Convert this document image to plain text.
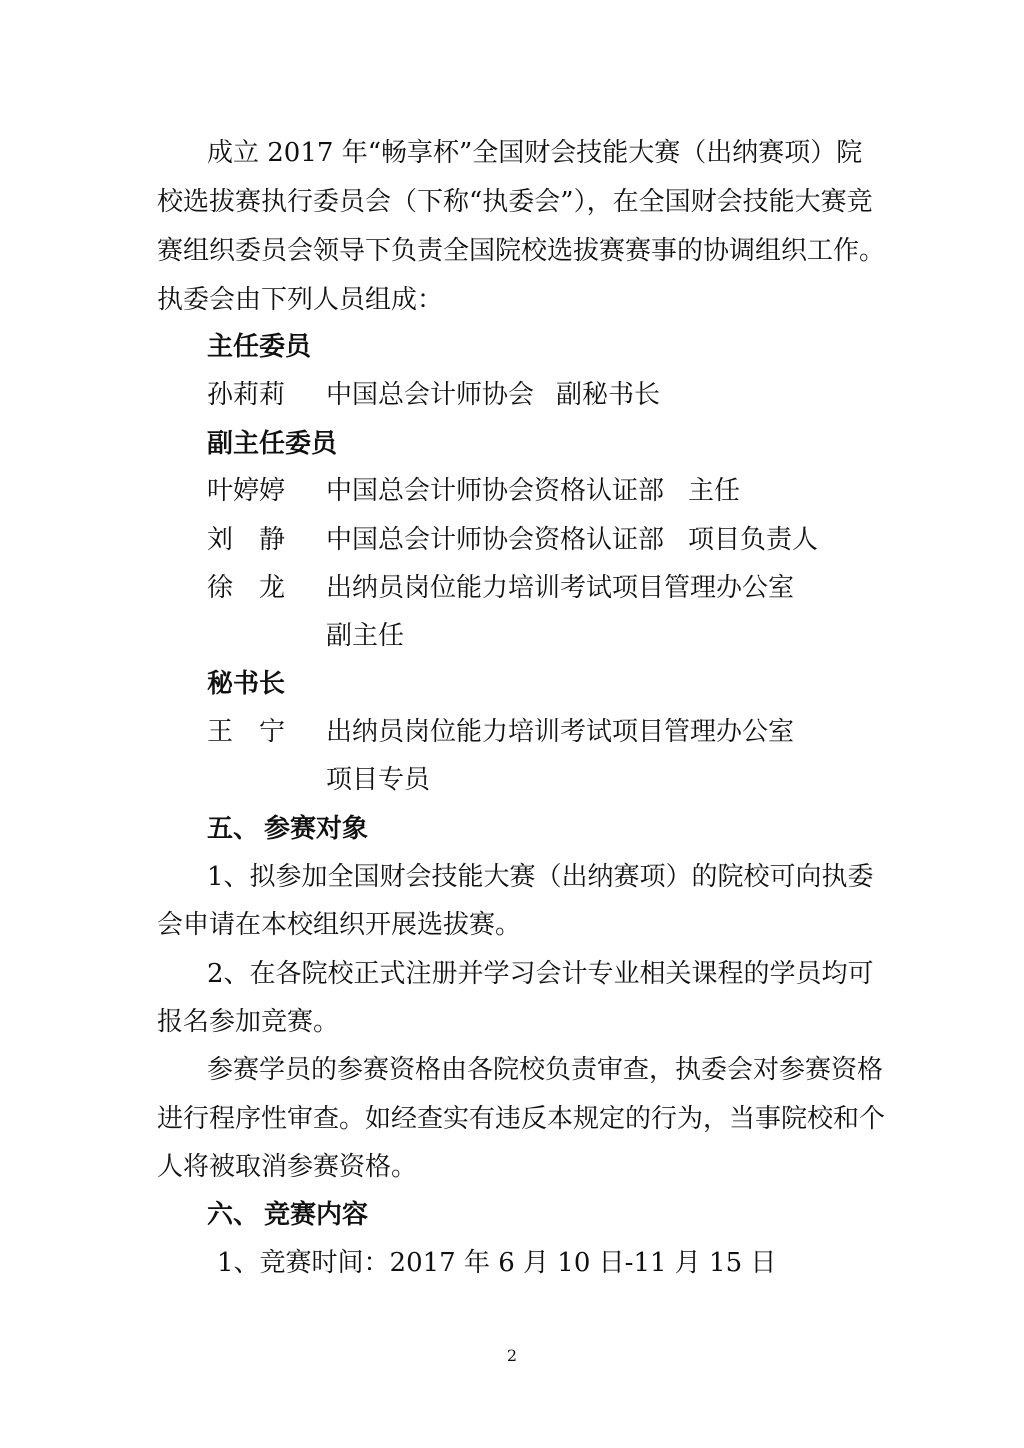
成立 2017 年“畅享杯”全国财会技能大赛（出纳赛项）院
校选拔赛执行委员会（下称“执委会”），在全国财会技能大赛竞
赛组织委员会领导下负责全国院校选拔赛赛事的协调组织工作。
执委会由下列人员组成：
主任委员
孙莉莉 中国总会计师协会 副秘书长
副主任委员
叶婷婷 中国总会计师协会资格认证部 主任
刘　静 中国总会计师协会资格认证部 项目负责人
徐　龙 出纳员岗位能力培训考试项目管理办公室
副主任
秘书长
王　宁 出纳员岗位能力培训考试项目管理办公室
项目专员
五、 参赛对象
1、拟参加全国财会技能大赛（出纳赛项）的院校可向执委
会申请在本校组织开展选拔赛。
2、在各院校正式注册并学习会计专业相关课程的学员均可
报名参加竞赛。
参赛学员的参赛资格由各院校负责审查，执委会对参赛资格
进行程序性审查。如经查实有违反本规定的行为，当事院校和个
人将被取消参赛资格。
六、 竞赛内容
1、竞赛时间：2017 年 6 月 10 日-11 月 15 日
2
